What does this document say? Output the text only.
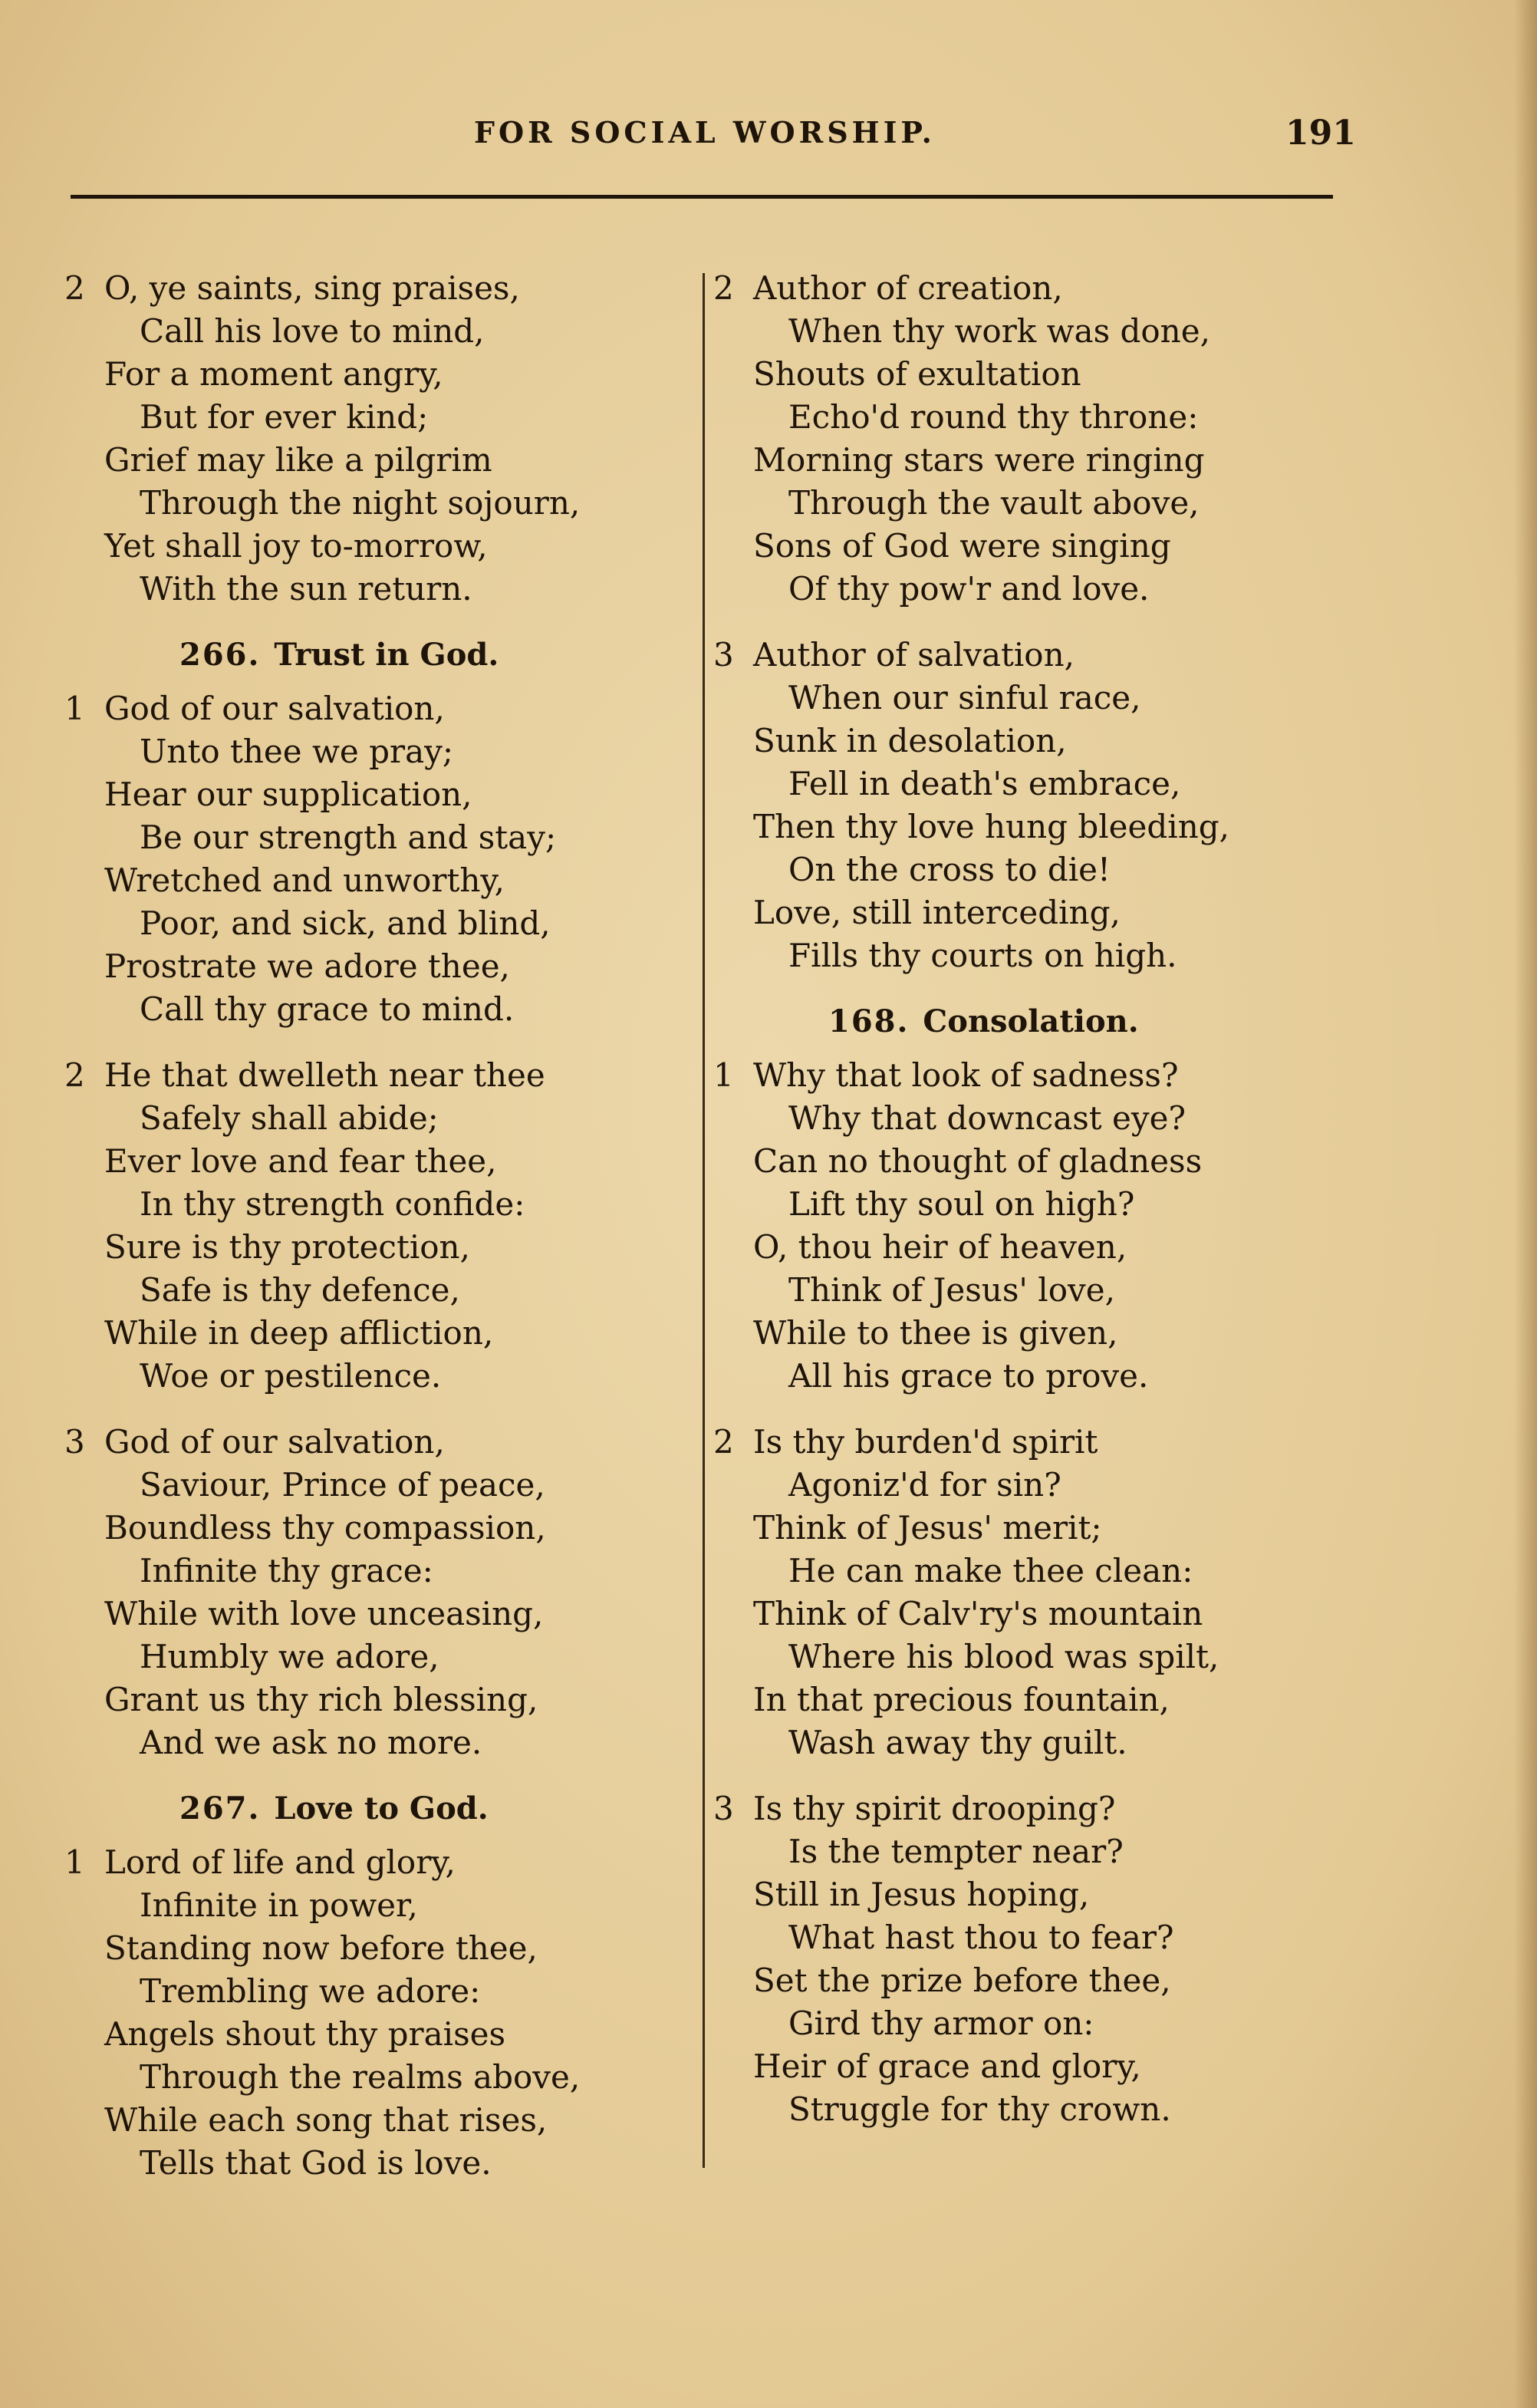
FOR SOCIAL WORSHIP.	191
2 O, ye saints, sing praises,
Call his love to mind,
For a moment angry,
But for ever kind;
Grief may like a pilgrim
Through the night sojourn,
Yet shall joy to-morrow,
With the sun return.
266. Trust in God.
1 God of our salvation,
Unto thee we pray;
Hear our supplication,
Be our strength and stay;
Wretched and unworthy,
Poor, and sick, and blind,
Prostrate we adore thee,
Call thy grace to mind.
2 He that dwelleth near thee
Safely shall abide;
Ever love and fear thee,
In thy strength confide:
Sure is thy protection,
Safe is thy defence,
While in deep affliction,
Woe or pestilence.
3 God of our salvation,
Saviour, Prince of peace,
Boundless thy compassion,
Infinite thy grace:
While with love unceasing,
Humbly we adore,
Grant us thy rich blessing,
And we ask no more.
267. Love to God.
1 Lord of life and glory,
Infinite in power,
Standing now before thee,
Trembling we adore:
Angels shout thy praises
Through the realms above,
While each song that rises,
Tells that God is love.
2 Author of creation,
When thy work was done,
Shouts of exultation
Echo'd round thy throne:
Morning stars were ringing
Through the vault above,
Sons of God were singing
Of thy pow'r and love.
3 Author of salvation,
When our sinful race,
Sunk in desolation,
Fell in death's embrace,
Then thy love hung bleeding,
On the cross to die!
Love, still interceding,
Fills thy courts on high.
168. Consolation.
1 Why that look of sadness?
Why that downcast eye?
Can no thought of gladness
Lift thy soul on high?
O, thou heir of heaven,
Think of Jesus' love,
While to thee is given,
All his grace to prove.
2 Is thy burden'd spirit
Agoniz'd for sin?
Think of Jesus' merit;
He can make thee clean:
Think of Calv'ry's mountain
Where his blood was spilt,
In that precious fountain,
Wash away thy guilt.
3 Is thy spirit drooping?
Is the tempter near?
Still in Jesus hoping,
What hast thou to fear?
Set the prize before thee,
Gird thy armor on:
Heir of grace and glory,
Struggle for thy crown.
